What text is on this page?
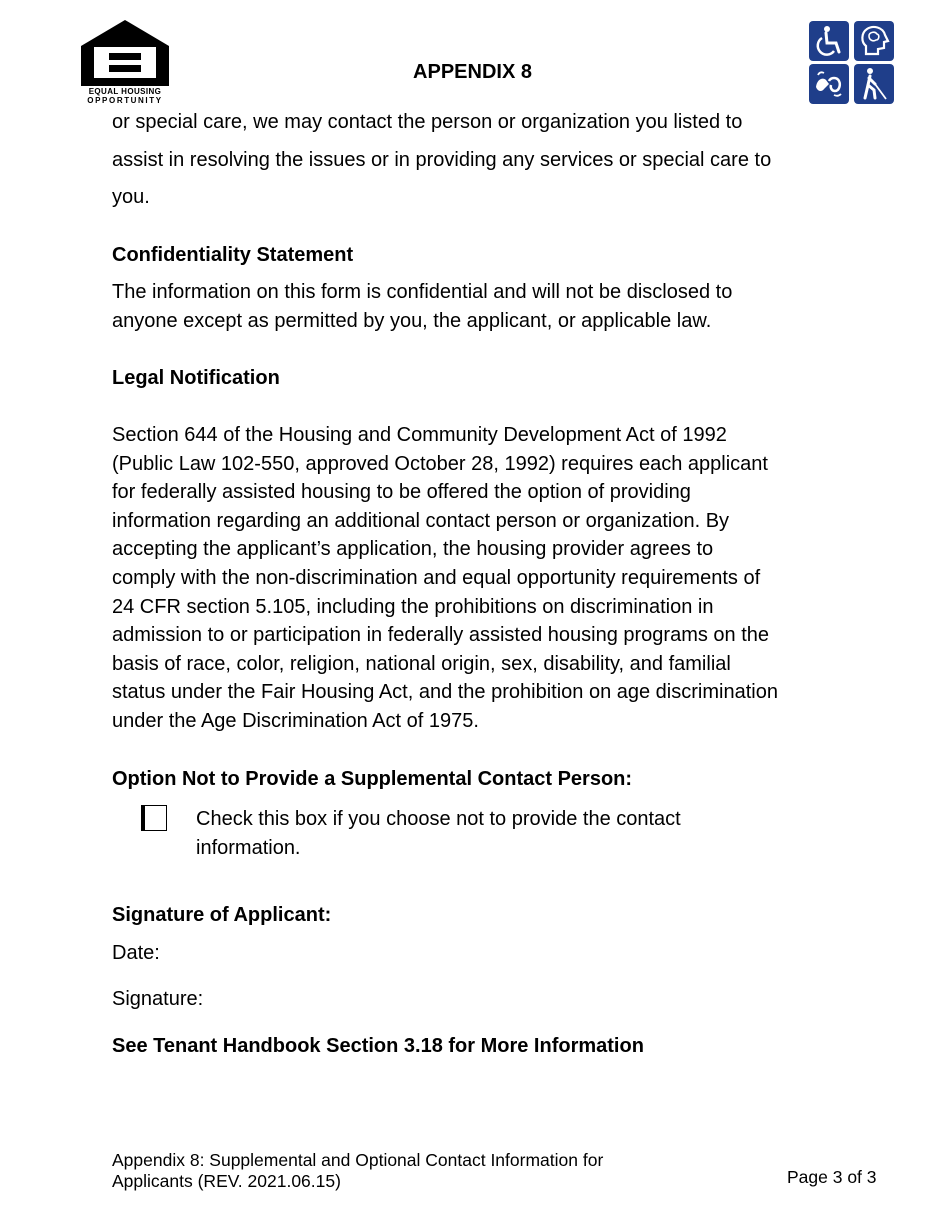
EQUAL HOUSING
OPPORTUNITY
APPENDIX 8
or special care, we may contact the person or organization you listed to
assist in resolving the issues or in providing any services or special care to
you.
Confidentiality Statement
The information on this form is confidential and will not be disclosed to
anyone except as permitted by you, the applicant, or applicable law.
Legal Notification
Section 644 of the Housing and Community Development Act of 1992
(Public Law 102-550, approved October 28, 1992) requires each applicant
for federally assisted housing to be offered the option of providing
information regarding an additional contact person or organization. By
accepting the applicant’s application, the housing provider agrees to
comply with the non-discrimination and equal opportunity requirements of
24 CFR section 5.105, including the prohibitions on discrimination in
admission to or participation in federally assisted housing programs on the
basis of race, color, religion, national origin, sex, disability, and familial
status under the Fair Housing Act, and the prohibition on age discrimination
under the Age Discrimination Act of 1975.
Option Not to Provide a Supplemental Contact Person:
Check this box if you choose not to provide the contact
information.
Signature of Applicant:
Date:
Signature:
See Tenant Handbook Section 3.18 for More Information
Appendix 8: Supplemental and Optional Contact Information for
Applicants (REV. 2021.06.15)	Page 3 of 3
